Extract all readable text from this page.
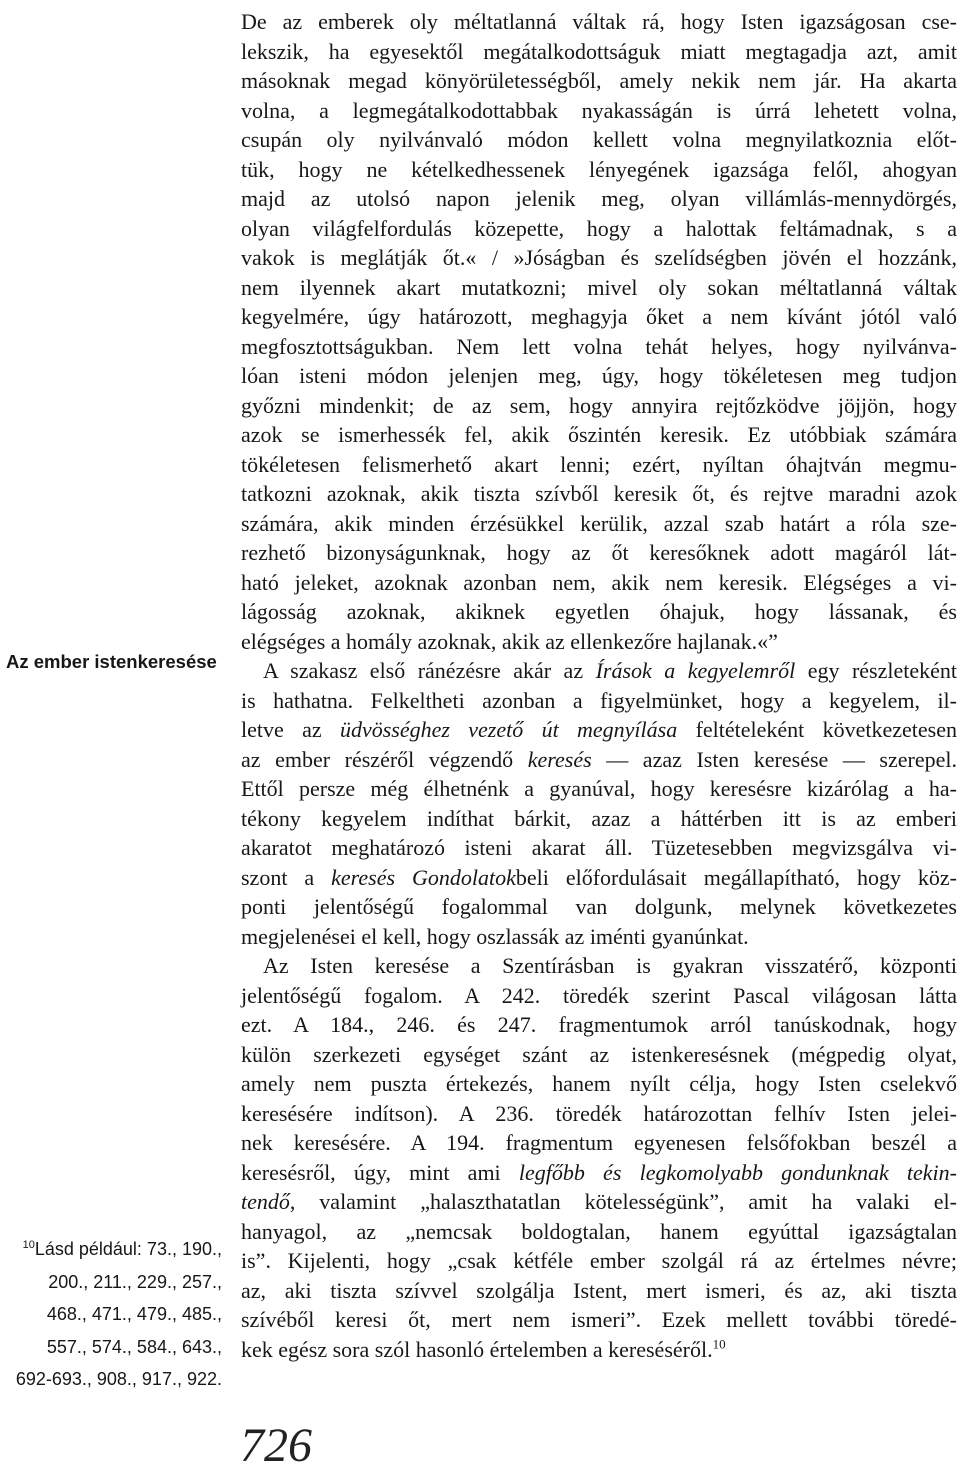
De az emberek oly méltatlanná váltak rá, hogy Isten igazságosan cse-
lekszik, ha egyesektől megátalkodottságuk miatt megtagadja azt, amit
másoknak megad könyörületességből, amely nekik nem jár. Ha akarta
volna, a legmegátalkodottabbak nyakasságán is úrrá lehetett volna,
csupán oly nyilvánvaló módon kellett volna megnyilatkoznia előt-
tük, hogy ne kételkedhessenek lényegének igazsága felől, ahogyan
majd az utolsó napon jelenik meg, olyan villámlás-mennydörgés,
olyan világfelfordulás közepette, hogy a halottak feltámadnak, s a
vakok is meglátják őt.« / »Jóságban és szelídségben jövén el hozzánk,
nem ilyennek akart mutatkozni; mivel oly sokan méltatlanná váltak
kegyelmére, úgy határozott, meghagyja őket a nem kívánt jótól való
megfosztottságukban. Nem lett volna tehát helyes, hogy nyilvánva-
lóan isteni módon jelenjen meg, úgy, hogy tökéletesen meg tudjon
győzni mindenkit; de az sem, hogy annyira rejtőzködve jöjjön, hogy
azok se ismerhessék fel, akik őszintén keresik. Ez utóbbiak számára
tökéletesen felismerhető akart lenni; ezért, nyíltan óhajtván megmu-
tatkozni azoknak, akik tiszta szívből keresik őt, és rejtve maradni azok
számára, akik minden érzésükkel kerülik, azzal szab határt a róla sze-
rezhető bizonyságunknak, hogy az őt keresőknek adott magáról lát-
ható jeleket, azoknak azonban nem, akik nem keresik. Elégséges a vi-
lágosság azoknak, akiknek egyetlen óhajuk, hogy lássanak, és
elégséges a homály azoknak, akik az ellenkezőre hajlanak.«”
A szakasz első ránézésre akár az Írások a kegyelemről egy részleteként
is hathatna. Felkeltheti azonban a figyelmünket, hogy a kegyelem, il-
letve az üdvösséghez vezető út megnyílása feltételeként következetesen
az ember részéről végzendő keresés — azaz Isten keresése — szerepel.
Ettől persze még élhetnénk a gyanúval, hogy keresésre kizárólag a ha-
tékony kegyelem indíthat bárkit, azaz a háttérben itt is az emberi
akaratot meghatározó isteni akarat áll. Tüzetesebben megvizsgálva vi-
szont a keresés Gondolatokbeli előfordulásait megállapítható, hogy köz-
ponti jelentőségű fogalommal van dolgunk, melynek következetes
megjelenései el kell, hogy oszlassák az iménti gyanúnkat.
Az Isten keresése a Szentírásban is gyakran visszatérő, központi
jelentőségű fogalom. A 242. töredék szerint Pascal világosan látta
ezt. A 184., 246. és 247. fragmentumok arról tanúskodnak, hogy
külön szerkezeti egységet szánt az istenkeresésnek (mégpedig olyat,
amely nem puszta értekezés, hanem nyílt célja, hogy Isten cselekvő
keresésére indítson). A 236. töredék határozottan felhív Isten jelei-
nek keresésére. A 194. fragmentum egyenesen felsőfokban beszél a
keresésről, úgy, mint ami legfőbb és legkomolyabb gondunknak tekin-
tendő, valamint „halaszthatatlan kötelességünk”, amit ha valaki el-
hanyagol, az „nemcsak boldogtalan, hanem egyúttal igazságtalan
is”. Kijelenti, hogy „csak kétféle ember szolgál rá az értelmes névre;
az, aki tiszta szívvel szolgálja Istent, mert ismeri, és az, aki tiszta
szívéből keresi őt, mert nem ismeri”. Ezek mellett további töredé-
kek egész sora szól hasonló értelemben a kereséséről.$^{10}$
Az ember istenkeresése
$^{10}$Lásd például: 73., 190.,
200., 211., 229., 257.,
468., 471., 479., 485.,
557., 574., 584., 643.,
692-693., 908., 917., 922.
726
